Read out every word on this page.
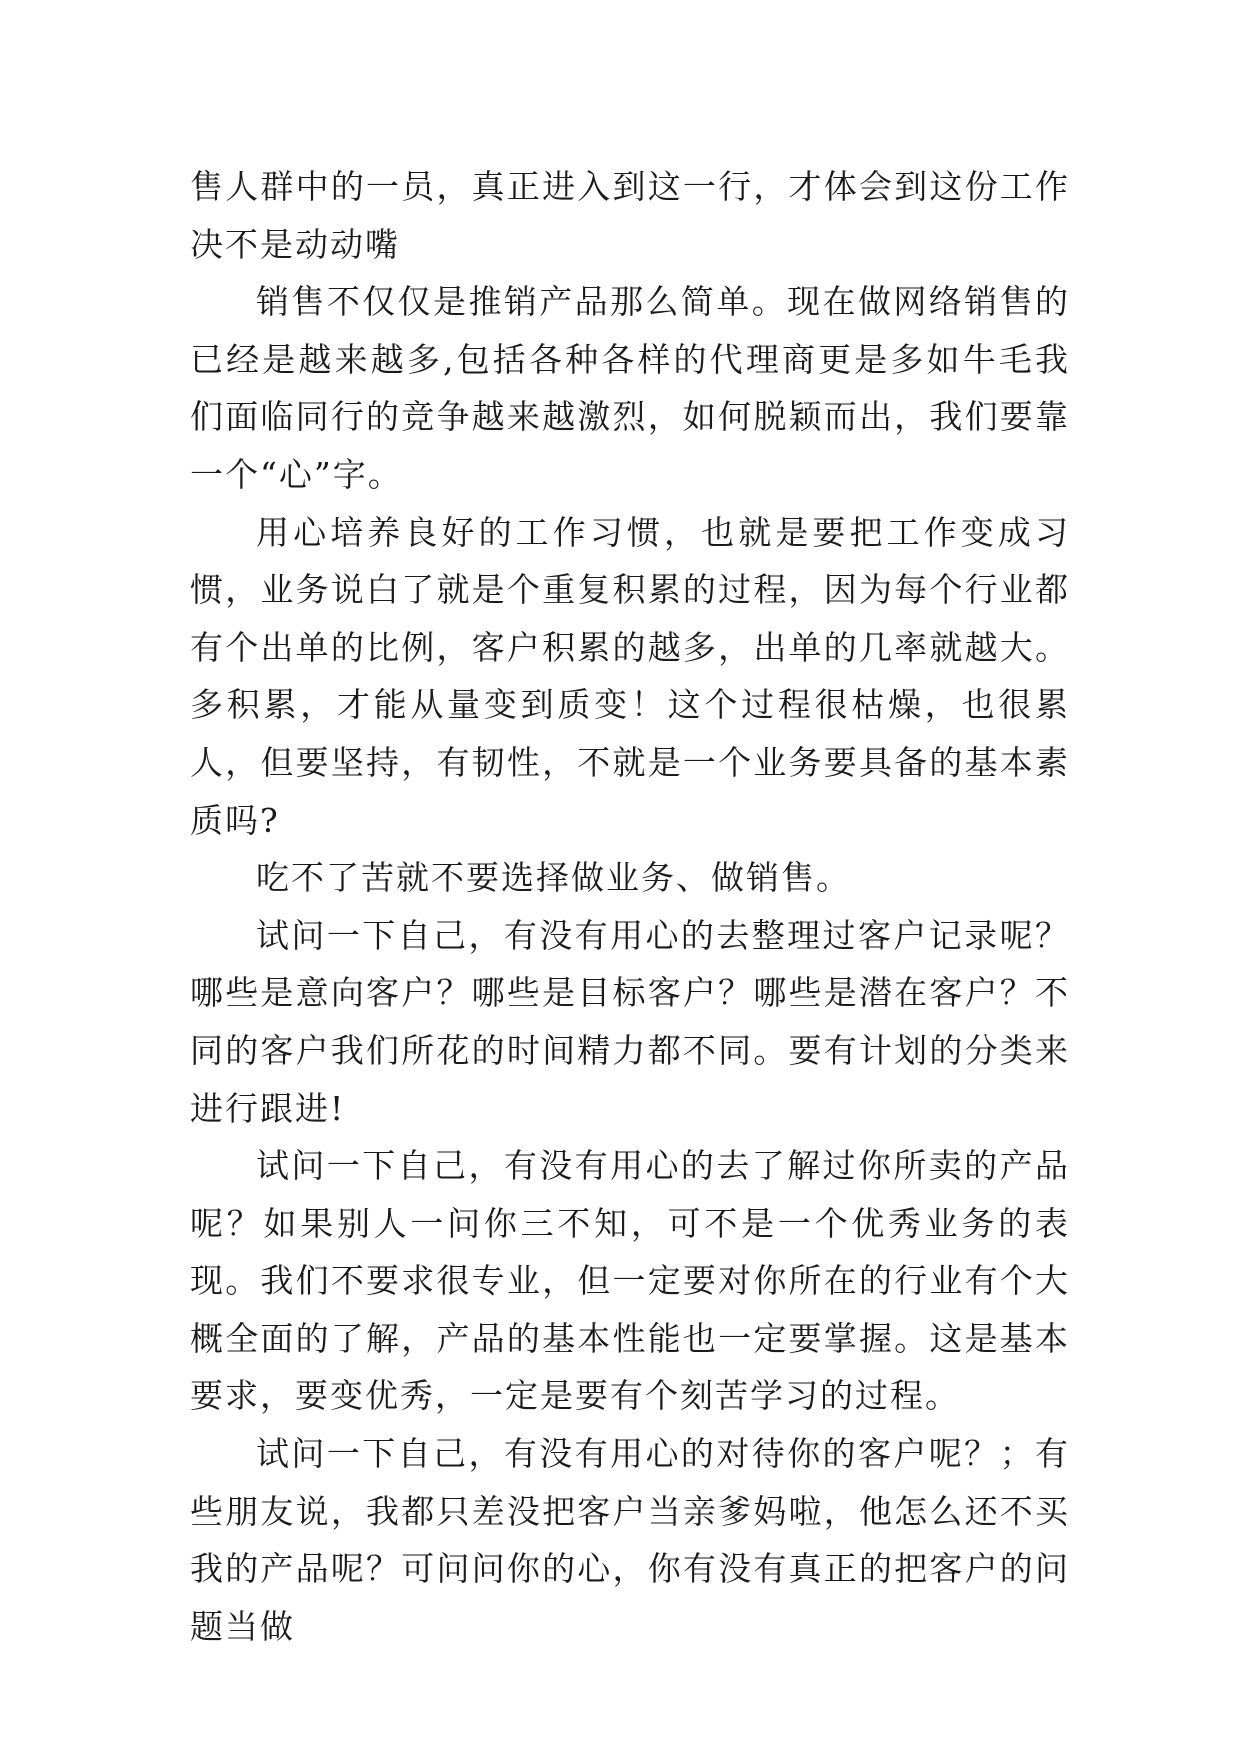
售人群中的一员，真正进入到这一行，才体会到这份工作决不是动动嘴

销售不仅仅是推销产品那么简单。现在做网络销售的已经是越来越多,包括各种各样的代理商更是多如牛毛我们面临同行的竞争越来越激烈，如何脱颖而出，我们要靠一个“心”字。

用心培养良好的工作习惯，也就是要把工作变成习惯，业务说白了就是个重复积累的过程，因为每个行业都有个出单的比例，客户积累的越多，出单的几率就越大。多积累，才能从量变到质变！这个过程很枯燥，也很累人，但要坚持，有韧性，不就是一个业务要具备的基本素质吗?

吃不了苦就不要选择做业务、做销售。

试问一下自己，有没有用心的去整理过客户记录呢？哪些是意向客户？哪些是目标客户？哪些是潜在客户？不同的客户我们所花的时间精力都不同。要有计划的分类来进行跟进!

试问一下自己，有没有用心的去了解过你所卖的产品呢？如果别人一问你三不知，可不是一个优秀业务的表现。我们不要求很专业，但一定要对你所在的行业有个大概全面的了解，产品的基本性能也一定要掌握。这是基本要求，要变优秀，一定是要有个刻苦学习的过程。

试问一下自己，有没有用心的对待你的客户呢？；有些朋友说，我都只差没把客户当亲爹妈啦，他怎么还不买我的产品呢？可问问你的心，你有没有真正的把客户的问题当做
